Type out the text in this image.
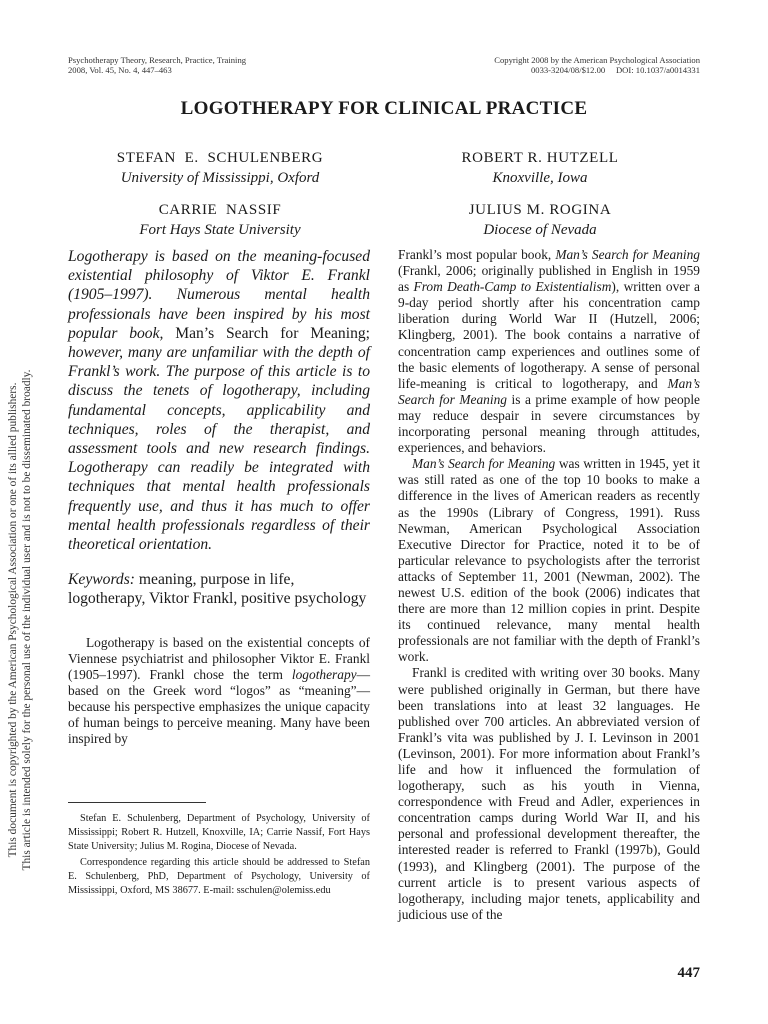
Psychotherapy Theory, Research, Practice, Training
2008, Vol. 45, No. 4, 447–463
Copyright 2008 by the American Psychological Association
0033-3204/08/$12.00     DOI: 10.1037/a0014331
LOGOTHERAPY FOR CLINICAL PRACTICE
STEFAN  E.  SCHULENBERG
University of Mississippi, Oxford
ROBERT R. HUTZELL
Knoxville, Iowa
CARRIE  NASSIF
Fort Hays State University
JULIUS M. ROGINA
Diocese of Nevada
Logotherapy is based on the meaning-focused existential philosophy of Viktor E. Frankl (1905–1997). Numerous mental health professionals have been inspired by his most popular book, Man’s Search for Meaning; however, many are unfamiliar with the depth of Frankl’s work. The purpose of this article is to discuss the tenets of logotherapy, including fundamental concepts, applicability and techniques, roles of the therapist, and assessment tools and new research findings. Logotherapy can readily be integrated with techniques that mental health professionals frequently use, and thus it has much to offer mental health professionals regardless of their theoretical orientation.
Keywords: meaning, purpose in life, logotherapy, Viktor Frankl, positive psychology
Logotherapy is based on the existential concepts of Viennese psychiatrist and philosopher Viktor E. Frankl (1905–1997). Frankl chose the term logotherapy—based on the Greek word “logos” as “meaning”—because his perspective emphasizes the unique capacity of human beings to perceive meaning. Many have been inspired by

Stefan E. Schulenberg, Department of Psychology, University of Mississippi; Robert R. Hutzell, Knoxville, IA; Carrie Nassif, Fort Hays State University; Julius M. Rogina, Diocese of Nevada.

Correspondence regarding this article should be addressed to Stefan E. Schulenberg, PhD, Department of Psychology, University of Mississippi, Oxford, MS 38677. E-mail: sschulen@olemiss.edu

Frankl’s most popular book, Man’s Search for Meaning (Frankl, 2006; originally published in English in 1959 as From Death-Camp to Existentialism), written over a 9-day period shortly after his concentration camp liberation during World War II (Hutzell, 2006; Klingberg, 2001). The book contains a narrative of concentration camp experiences and outlines some of the basic elements of logotherapy. A sense of personal life-meaning is critical to logotherapy, and Man’s Search for Meaning is a prime example of how people may reduce despair in severe circumstances by incorporating personal meaning through attitudes, experiences, and behaviors.

Man’s Search for Meaning was written in 1945, yet it was still rated as one of the top 10 books to make a difference in the lives of American readers as recently as the 1990s (Library of Congress, 1991). Russ Newman, American Psychological Association Executive Director for Practice, noted it to be of particular relevance to psychologists after the terrorist attacks of September 11, 2001 (Newman, 2002). The newest U.S. edition of the book (2006) indicates that there are more than 12 million copies in print. Despite its continued relevance, many mental health professionals are not familiar with the depth of Frankl’s work.

Frankl is credited with writing over 30 books. Many were published originally in German, but there have been translations into at least 32 languages. He published over 700 articles. An abbreviated version of Frankl’s vita was published by J. I. Levinson in 2001 (Levinson, 2001). For more information about Frankl’s life and how it influenced the formulation of logotherapy, such as his youth in Vienna, correspondence with Freud and Adler, experiences in concentration camps during World War II, and his personal and professional development thereafter, the interested reader is referred to Frankl (1997b), Gould (1993), and Klingberg (2001). The purpose of the current article is to present various aspects of logotherapy, including major tenets, applicability and judicious use of the

This document is copyrighted by the American Psychological Association or one of its allied publishers. This article is intended solely for the personal use of the individual user and is not to be disseminated broadly.
447
